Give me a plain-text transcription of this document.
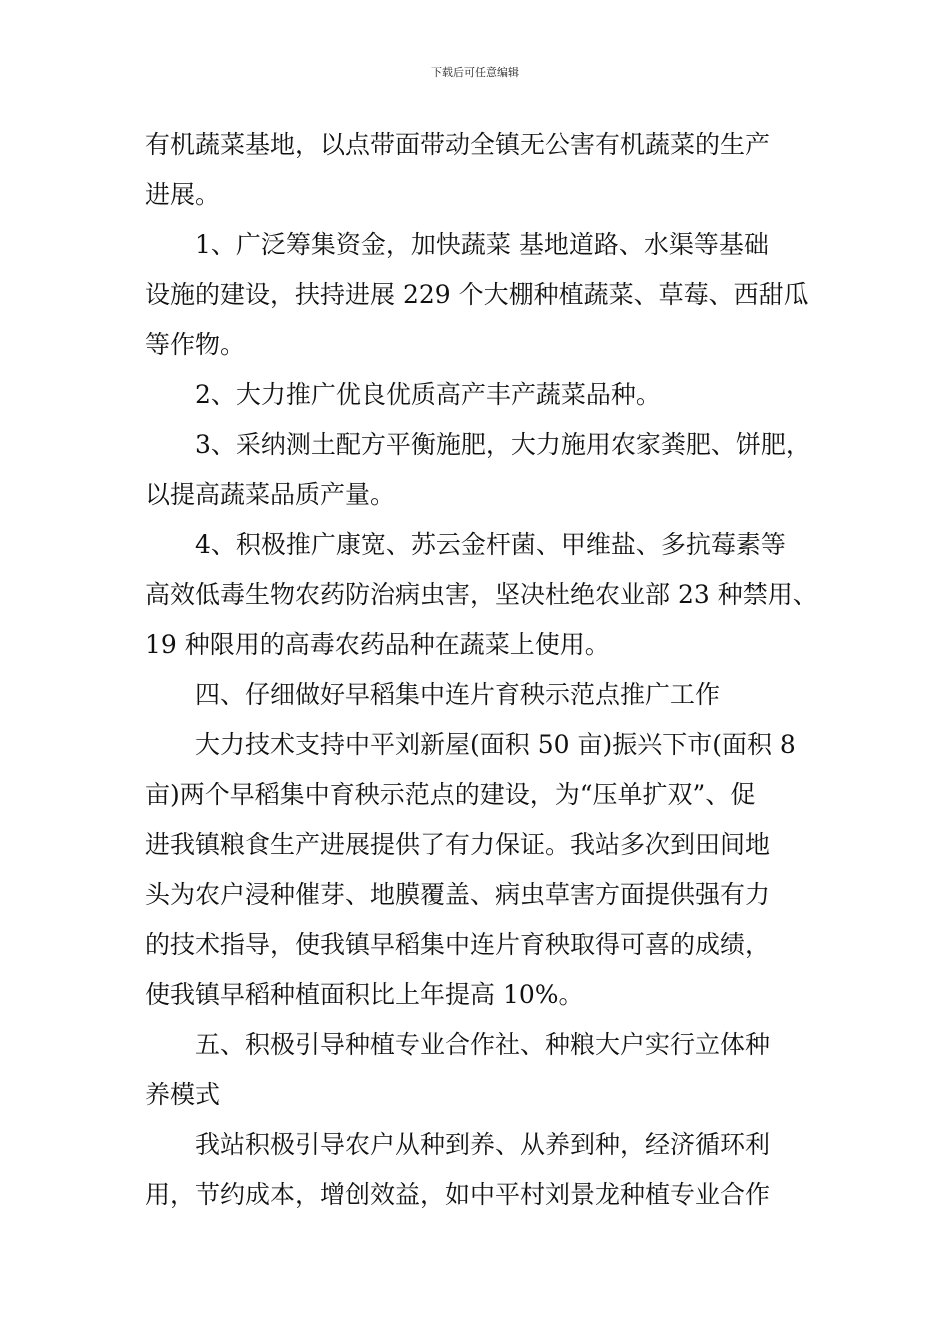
下载后可任意编辑
有机蔬菜基地，以点带面带动全镇无公害有机蔬菜的生产
进展。
1、广泛筹集资金，加快蔬菜 基地道路、水渠等基础
设施的建设，扶持进展 229 个大棚种植蔬菜、草莓、西甜瓜
等作物。
2、大力推广优良优质高产丰产蔬菜品种。
3、采纳测土配方平衡施肥，大力施用农家粪肥、饼肥，
以提高蔬菜品质产量。
4、积极推广康宽、苏云金杆菌、甲维盐、多抗莓素等
高效低毒生物农药防治病虫害，坚决杜绝农业部 23 种禁用、
19 种限用的高毒农药品种在蔬菜上使用。
四、仔细做好早稻集中连片育秧示范点推广工作
大力技术支持中平刘新屋(面积 50 亩)振兴下市(面积 8
亩)两个早稻集中育秧示范点的建设，为“压单扩双”、促
进我镇粮食生产进展提供了有力保证。我站多次到田间地
头为农户浸种催芽、地膜覆盖、病虫草害方面提供强有力
的技术指导，使我镇早稻集中连片育秧取得可喜的成绩，
使我镇早稻种植面积比上年提高 10%。
五、积极引导种植专业合作社、种粮大户实行立体种
养模式
我站积极引导农户从种到养、从养到种，经济循环利
用，节约成本，增创效益，如中平村刘景龙种植专业合作
